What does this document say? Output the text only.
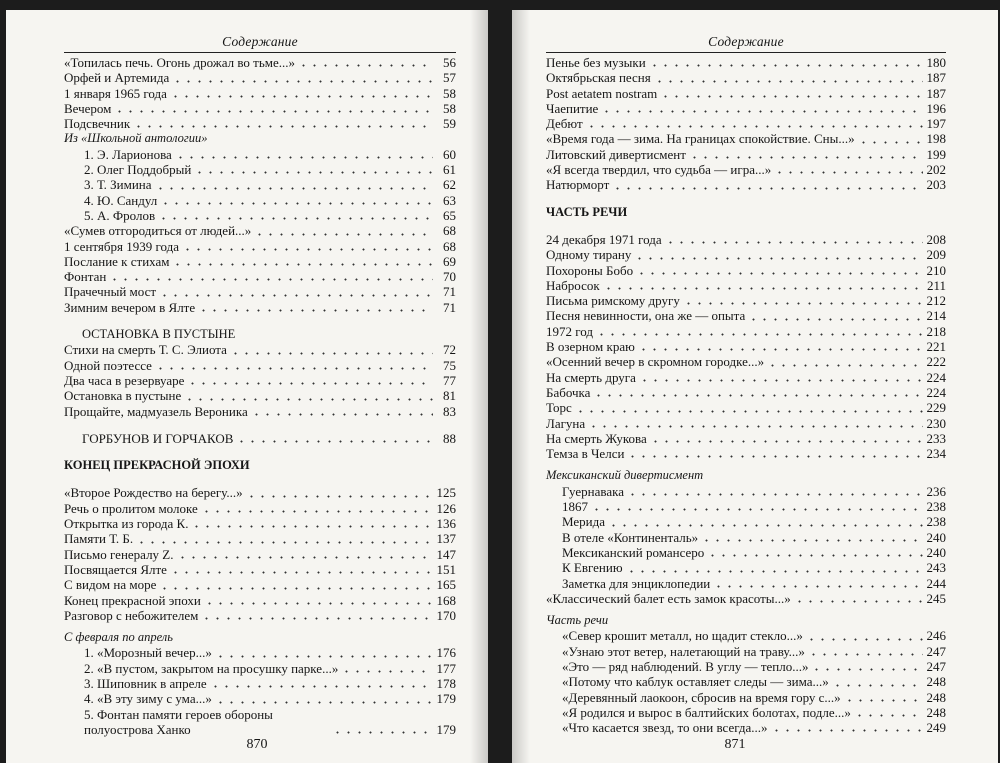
Содержание
«Топилась печь. Огонь дрожал во тьме...»	56
Орфей и Артемида	57
1 января 1965 года	58
Вечером	58
Подсвечник	59
Из «Школьной антологии»
1. Э. Ларионова	60
2. Олег Поддобрый	61
3. Т. Зимина	62
4. Ю. Сандул	63
5. А. Фролов	65
«Сумев отгородиться от людей...»	68
1 сентября 1939 года	68
Послание к стихам	69
Фонтан	70
Прачечный мост	71
Зимним вечером в Ялте	71
ОСТАНОВКА В ПУСТЫНЕ
Стихи на смерть Т. С. Элиота	72
Одной поэтессе	75
Два часа в резервуаре	77
Остановка в пустыне	81
Прощайте, мадмуазель Вероника	83
ГОРБУНОВ И ГОРЧАКОВ	88
КОНЕЦ ПРЕКРАСНОЙ ЭПОХИ
«Второе Рождество на берегу...»	125
Речь о пролитом молоке	126
Открытка из города К.	136
Памяти Т. Б.	137
Письмо генералу Z.	147
Посвящается Ялте	151
С видом на море	165
Конец прекрасной эпохи	168
Разговор с небожителем	170
С февраля по апрель
1. «Морозный вечер...»	176
2. «В пустом, закрытом на просушку парке...»	177
3. Шиповник в апреле	178
4. «В эту зиму с ума...»	179
5. Фонтан памяти героев обороны полуострова Ханко	179
870
Содержание
Пенье без музыки	180
Октябрьская песня	187
Post aetatem nostram	187
Чаепитие	196
Дебют	197
«Время года — зима. На границах спокойствие. Сны...»	198
Литовский дивертисмент	199
«Я всегда твердил, что судьба — игра...»	202
Натюрморт	203
ЧАСТЬ РЕЧИ
24 декабря 1971 года	208
Одному тирану	209
Похороны Бобо	210
Набросок	211
Письма римскому другу	212
Песня невинности, она же — опыта	214
1972 год	218
В озерном краю	221
«Осенний вечер в скромном городке...»	222
На смерть друга	224
Бабочка	224
Торс	229
Лагуна	230
На смерть Жукова	233
Темза в Челси	234
Мексиканский дивертисмент
Гуернавака	236
1867	238
Мерида	238
В отеле «Континенталь»	240
Мексиканский романсеро	240
К Евгению	243
Заметка для энциклопедии	244
«Классический балет есть замок красоты...»	245
Часть речи
«Север крошит металл, но щадит стекло...»	246
«Узнаю этот ветер, налетающий на траву...»	247
«Это — ряд наблюдений. В углу — тепло...»	247
«Потому что каблук оставляет следы — зима...»	248
«Деревянный лаокоон, сбросив на время гору с...»	248
«Я родился и вырос в балтийских болотах, подле...»	248
«Что касается звезд, то они всегда...»	249
871
